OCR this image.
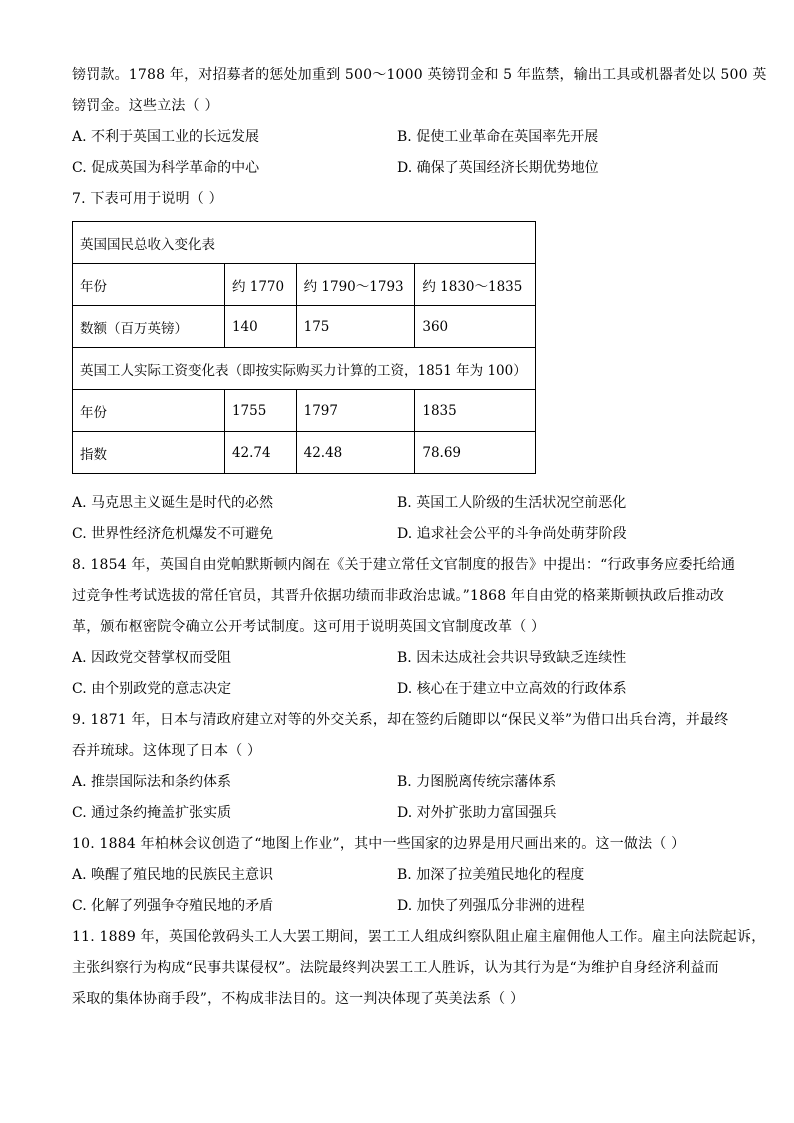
镑罚款。1788 年，对招募者的惩处加重到 500～1000 英镑罚金和 5 年监禁，输出工具或机器者处以 500 英
镑罚金。这些立法（ ）
A. 不利于英国工业的长远发展	B. 促使工业革命在英国率先开展
C. 促成英国为科学革命的中心	D. 确保了英国经济长期优势地位
7. 下表可用于说明（ ）
英国国民总收入变化表			
年份	约 1770	约 1790～1793	约 1830～1835
数额（百万英镑）	140	175	360
英国工人实际工资变化表（即按实际购买力计算的工资，1851 年为 100）			
年份	1755	1797	1835
指数	42.74	42.48	78.69
A. 马克思主义诞生是时代的必然	B. 英国工人阶级的生活状况空前恶化
C. 世界性经济危机爆发不可避免	D. 追求社会公平的斗争尚处萌芽阶段
8. 1854 年，英国自由党帕默斯顿内阁在《关于建立常任文官制度的报告》中提出：“行政事务应委托给通
过竞争性考试选拔的常任官员，其晋升依据功绩而非政治忠诚。”1868 年自由党的格莱斯顿执政后推动改
革，颁布枢密院令确立公开考试制度。这可用于说明英国文官制度改革（ ）
A. 因政党交替掌权而受阻	B. 因未达成社会共识导致缺乏连续性
C. 由个别政党的意志决定	D. 核心在于建立中立高效的行政体系
9. 1871 年，日本与清政府建立对等的外交关系，却在签约后随即以“保民义举”为借口出兵台湾，并最终
吞并琉球。这体现了日本（ ）
A. 推崇国际法和条约体系	B. 力图脱离传统宗藩体系
C. 通过条约掩盖扩张实质	D. 对外扩张助力富国强兵
10. 1884 年柏林会议创造了“地图上作业”，其中一些国家的边界是用尺画出来的。这一做法（ ）
A. 唤醒了殖民地的民族民主意识	B. 加深了拉美殖民地化的程度
C. 化解了列强争夺殖民地的矛盾	D. 加快了列强瓜分非洲的进程
11. 1889 年，英国伦敦码头工人大罢工期间，罢工工人组成纠察队阻止雇主雇佣他人工作。雇主向法院起诉，
主张纠察行为构成“民事共谋侵权”。法院最终判决罢工工人胜诉，认为其行为是“为维护自身经济利益而
采取的集体协商手段”，不构成非法目的。这一判决体现了英美法系（ ）
